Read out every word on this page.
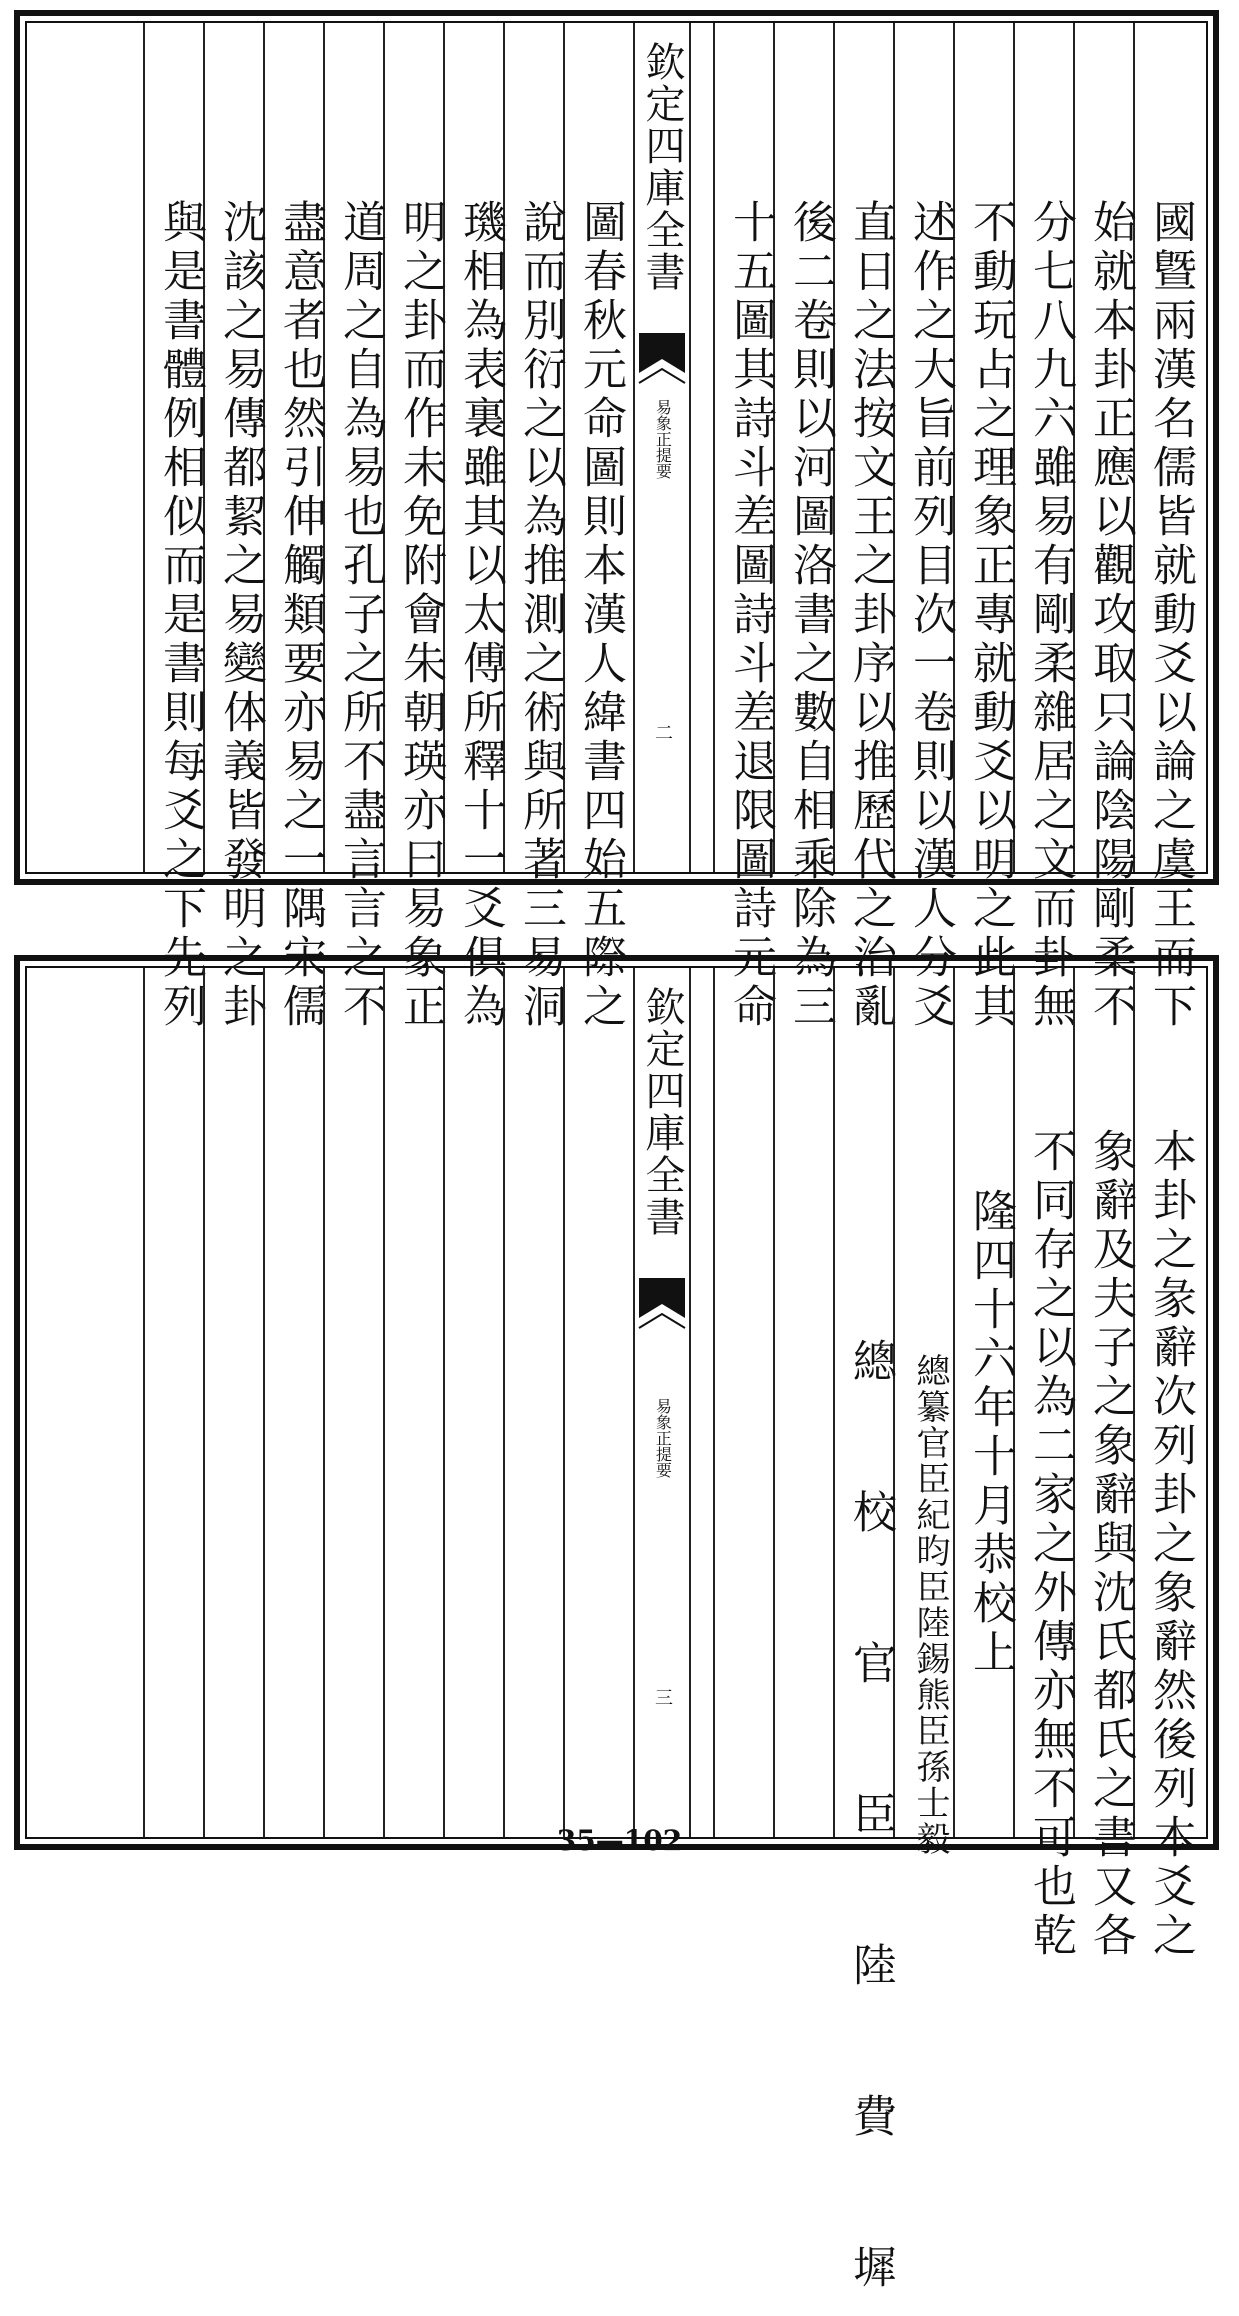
國曁兩漢名儒皆就動爻以論之虞王而下
始就本卦正應以觀攻取只論陰陽剛柔不
分七八九六雖易有剛柔雜居之文而卦無
不動玩占之理象正專就動爻以明之此其
述作之大旨前列目次一卷則以漢人分爻
直日之法按文王之卦序以推歷代之治亂
後二卷則以河圖洛書之數自相乘除為三
十五圖其詩斗差圖詩斗差退限圖詩元命
欽定四庫全書
易象正
提要
二
圖春秋元命圖則本漢人緯書四始五際之
說而別衍之以為推測之術與所著三易洞
璣相為表裏雖其以太傅所釋十一爻俱為
明之卦而作未免附會朱朝瑛亦曰易象正
道周之自為易也孔子之所不盡言言之不
盡意者也然引伸觸類要亦易之一隅宋儒
沈該之易傳都絜之易變体義皆發明之卦
與是書體例相似而是書則每爻之下先列
本卦之彖辭次列卦之象辭然後列本爻之
象辭及夫子之象辭與沈氏都氏之書又各
不同存之以為二家之外傳亦無不可也乾
隆四十六年十月恭校上
總纂官臣紀昀臣陸錫熊臣孫士毅
總 校 官 臣 陸 費 墀
欽定四庫全書
易象正
提要
三
35—102
